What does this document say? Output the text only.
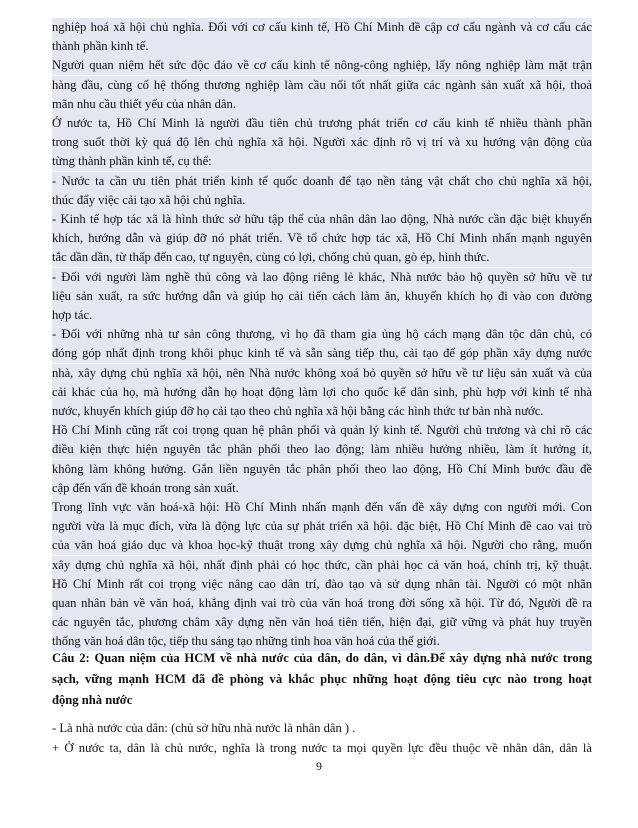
nghiệp hoá xã hội chủ nghĩa. Đối với cơ cấu kinh tế, Hồ Chí Minh đề cập cơ cấu ngành và cơ cấu các
thành phần kinh tế.
Người quan niệm hết sức độc đáo về cơ cấu kinh tế nông-công nghiệp, lấy nông nghiệp làm mặt trận
hàng đầu, cùng cố hệ thống thương nghiệp làm cầu nối tốt nhất giữa các ngành sản xuất xã hội, thoả
mãn nhu cầu thiết yếu của nhân dân.
Ở nước ta, Hồ Chí Minh là người đầu tiên chủ trương phát triển cơ cấu kinh tế nhiều thành phần
trong suốt thời kỳ quá độ lên chủ nghĩa xã hội. Người xác định rõ vị trí và xu hướng vận động của
từng thành phần kinh tế, cụ thể:
- Nước ta cần ưu tiên phát triển kinh tế quốc doanh để tạo nền tảng vật chất cho chủ nghĩa xã hội,
thúc đẩy việc cải tạo xã hội chủ nghĩa.
- Kinh tế hợp tác xã là hình thức sở hữu tập thể của nhân dân lao động, Nhà nước cần đặc biệt khuyến
khích, hướng dẫn và giúp đỡ nó phát triển. Về tổ chức hợp tác xã, Hồ Chí Minh nhấn mạnh nguyên
tắc dần dần, từ thấp đến cao, tự nguyện, cùng có lợi, chống chủ quan, gò ép, hình thức.
- Đối với người làm nghề thủ công và lao động riêng lẻ khác, Nhà nước bảo hộ quyền sở hữu về tư
liệu sản xuất, ra sức hướng dẫn và giúp họ cải tiến cách làm ăn, khuyến khích họ đi vào con đường
hợp tác.
- Đối với những nhà tư sản công thương, vì họ đã tham gia ủng hộ cách mạng dân tộc dân chủ, có
đóng góp nhất định trong khôi phục kinh tế và sẵn sàng tiếp thu, cải tạo để góp phần xây dựng nước
nhà, xây dựng chủ nghĩa xã hội, nên Nhà nước không xoá bỏ quyền sở hữu về tư liệu sản xuất và của
cải khác của họ, mà hướng dẫn họ hoạt động làm lợi cho quốc kế dân sinh, phù hợp với kinh tế nhà
nước, khuyến khích giúp đỡ họ cải tạo theo chủ nghĩa xã hội bằng các hình thức tư bản nhà nước.
Hồ Chí Minh cũng rất coi trọng quan hệ phân phối và quản lý kinh tế. Người chủ trương và chỉ rõ các
điều kiện thực hiện nguyên tắc phân phối theo lao động; làm nhiều hưởng nhiều, làm ít hưởng ít,
không làm không hưởng. Gắn liền nguyên tắc phân phối theo lao động, Hồ Chí Minh bước đầu đề
cập đến vấn đề khoán trong sản xuất.
Trong lĩnh vực văn hoá-xã hội: Hồ Chí Minh nhấn mạnh đến vấn đề xây dựng con người mới. Con
người vừa là mục đích, vừa là động lực của sự phát triển xã hội. đặc biệt, Hồ Chí Minh đề cao vai trò
của văn hoá giáo dục và khoa học-kỹ thuật trong xây dựng chủ nghĩa xã hội. Người cho rằng, muốn
xây dựng chủ nghĩa xã hội, nhất định phải có học thức, cần phải học cả văn hoá, chính trị, kỹ thuật.
Hồ Chí Minh rất coi trọng việc nâng cao dân trí, đào tạo và sử dụng nhân tài. Người có một nhãn
quan nhân bản về văn hoá, khẳng định vai trò của văn hoá trong đời sống xã hội. Từ đó, Người đề ra
các nguyên tắc, phương châm xây dựng nền văn hoá tiên tiến, hiện đại, giữ vững và phát huy truyền
thống văn hoá dân tộc, tiếp thu sáng tạo những tinh hoa văn hoá của thế giới.
Câu 2: Quan niệm của HCM về nhà nước của dân, do dân, vì dân.Để xây dựng nhà nước trong
sạch, vững mạnh HCM đã đề phòng và khắc phục những hoạt động tiêu cực nào trong hoạt
động nhà nước
- Là nhà nước của dân: (chủ sở hữu nhà nước là nhân dân ) .
+ Ở nước ta, dân là chủ nước, nghĩa là trong nước ta mọi quyền lực đều thuộc về nhân dân, dân là
9
